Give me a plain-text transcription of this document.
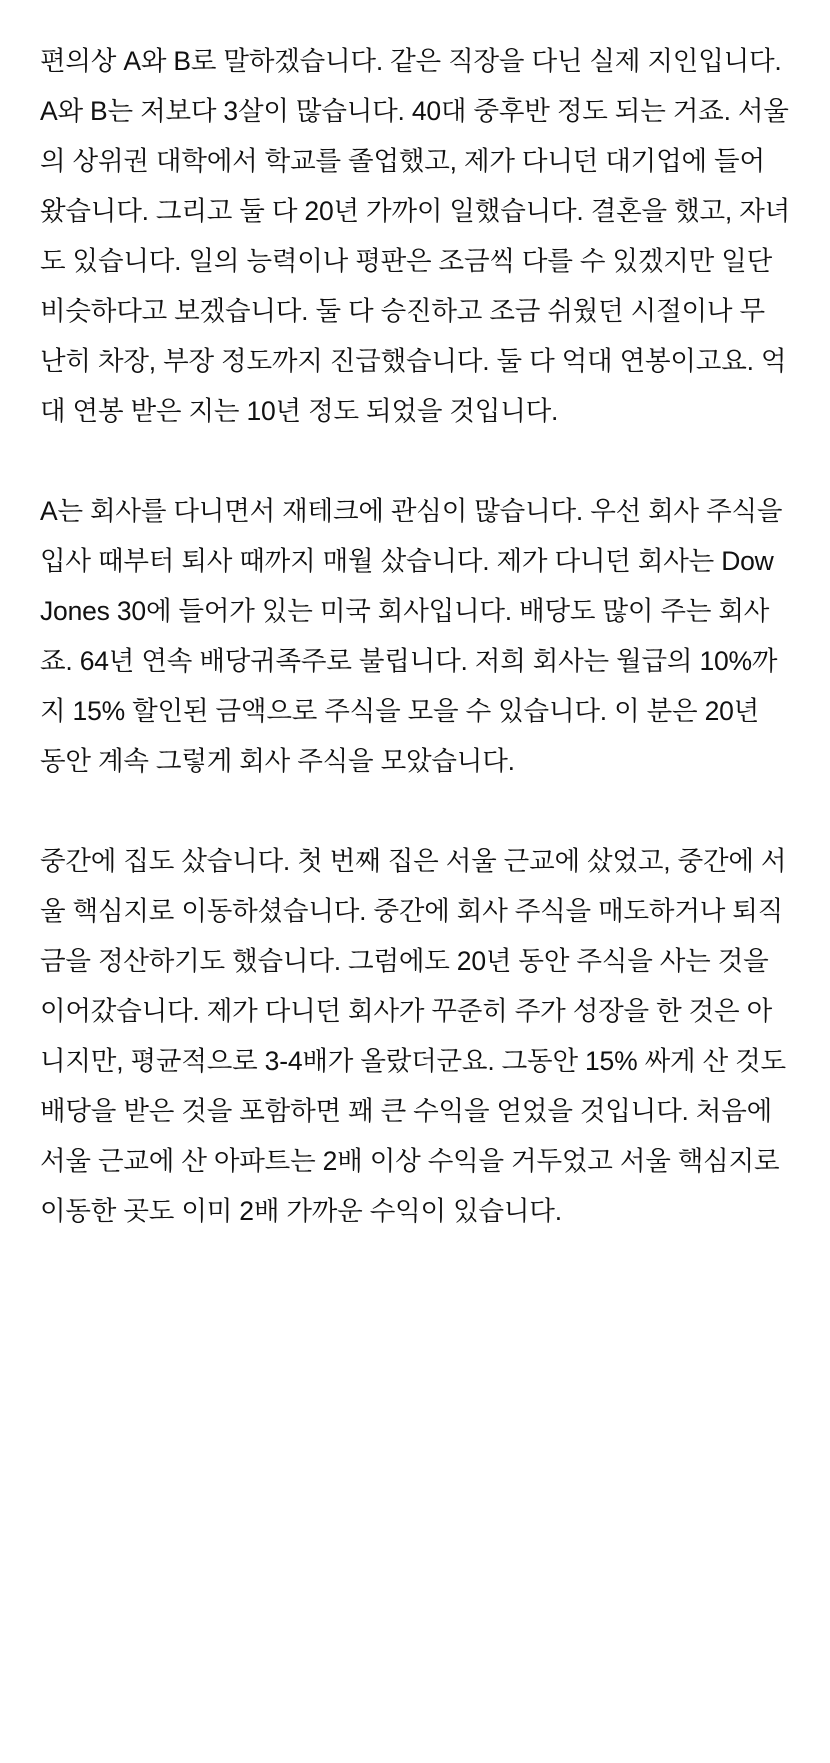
편의상 A와 B로 말하겠습니다. 같은 직장을 다닌 실제 지인입니다. A와 B는 저보다 3살이 많습니다. 40대 중후반 정도 되는 거죠. 서울의 상위권 대학에서 학교를 졸업했고, 제가 다니던 대기업에 들어왔습니다. 그리고 둘 다 20년 가까이 일했습니다. 결혼을 했고, 자녀도 있습니다. 일의 능력이나 평판은 조금씩 다를 수 있겠지만 일단 비슷하다고 보겠습니다. 둘 다 승진하고 조금 쉬웠던 시절이나 무난히 차장, 부장 정도까지 진급했습니다. 둘 다 억대 연봉이고요. 억대 연봉 받은 지는 10년 정도 되었을 것입니다.

A는 회사를 다니면서 재테크에 관심이 많습니다. 우선 회사 주식을 입사 때부터 퇴사 때까지 매월 샀습니다. 제가 다니던 회사는 Dow Jones 30에 들어가 있는 미국 회사입니다. 배당도 많이 주는 회사죠. 64년 연속 배당귀족주로 불립니다. 저희 회사는 월급의 10%까지 15% 할인된 금액으로 주식을 모을 수 있습니다. 이 분은 20년 동안 계속 그렇게 회사 주식을 모았습니다.

중간에 집도 샀습니다. 첫 번째 집은 서울 근교에 샀었고, 중간에 서울 핵심지로 이동하셨습니다. 중간에 회사 주식을 매도하거나 퇴직금을 정산하기도 했습니다. 그럼에도 20년 동안 주식을 사는 것을 이어갔습니다. 제가 다니던 회사가 꾸준히 주가 성장을 한 것은 아니지만, 평균적으로 3-4배가 올랐더군요. 그동안 15% 싸게 산 것도 배당을 받은 것을 포함하면 꽤 큰 수익을 얻었을 것입니다. 처음에 서울 근교에 산 아파트는 2배 이상 수익을 거두었고 서울 핵심지로 이동한 곳도 이미 2배 가까운 수익이 있습니다.
